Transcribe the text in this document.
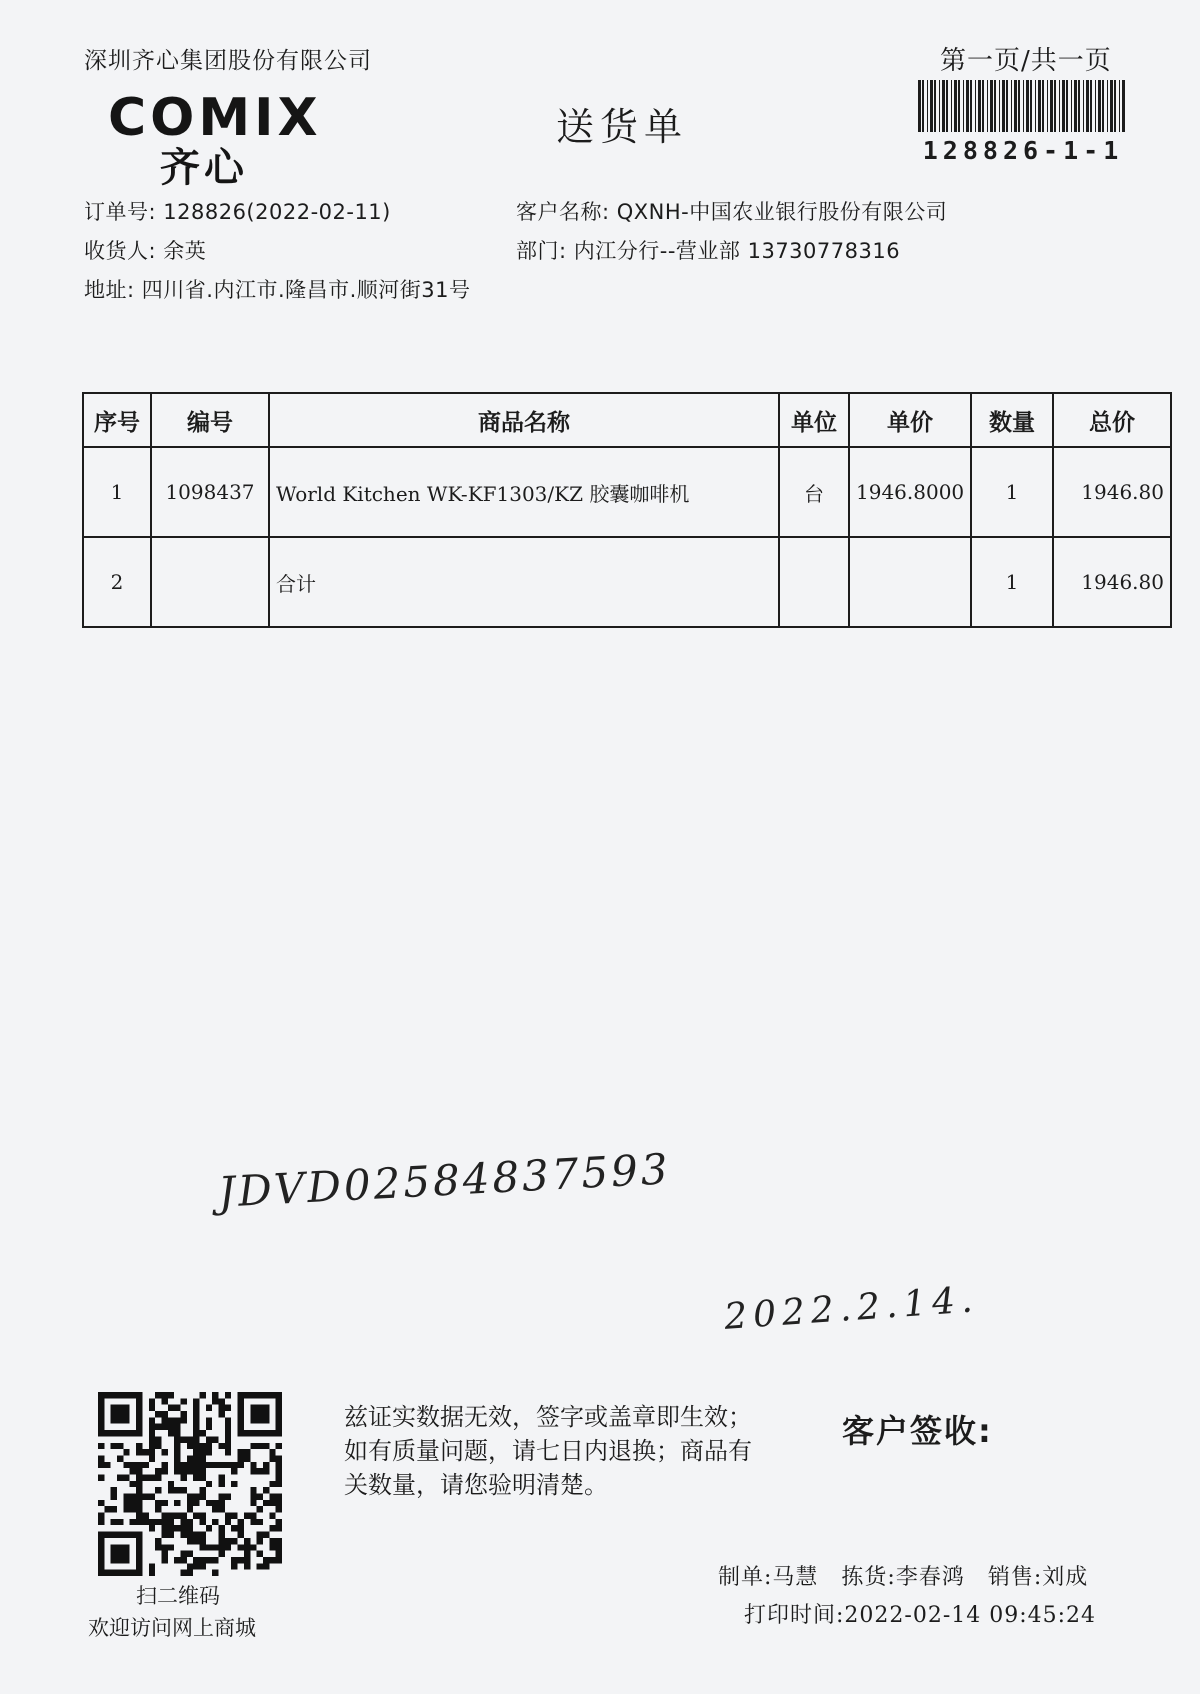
深圳齐心集团股份有限公司	第一页/共一页
128826-1-1
COMIX
齐心
送货单
订单号: 128826(2022-02-11)
收货人: 余英
地址: 四川省.内江市.隆昌市.顺河街31号
客户名称: QXNH-中国农业银行股份有限公司
部门: 内江分行--营业部 13730778316
序号	编号	商品名称	单位	单价	数量	总价
1	1098437	World Kitchen WK-KF1303/KZ 胶囊咖啡机	台	1946.8000	1	1946.80
2		合计			1	1946.80
JDVD02584837593
2022.2.14.
扫二维码
欢迎访问网上商城
兹证实数据无效，签字或盖章即生效；如有质量问题，请七日内退换；商品有关数量，请您验明清楚。
客户签收:
制单:马慧　拣货:李春鸿　销售:刘成
打印时间:2022-02-14 09:45:24
